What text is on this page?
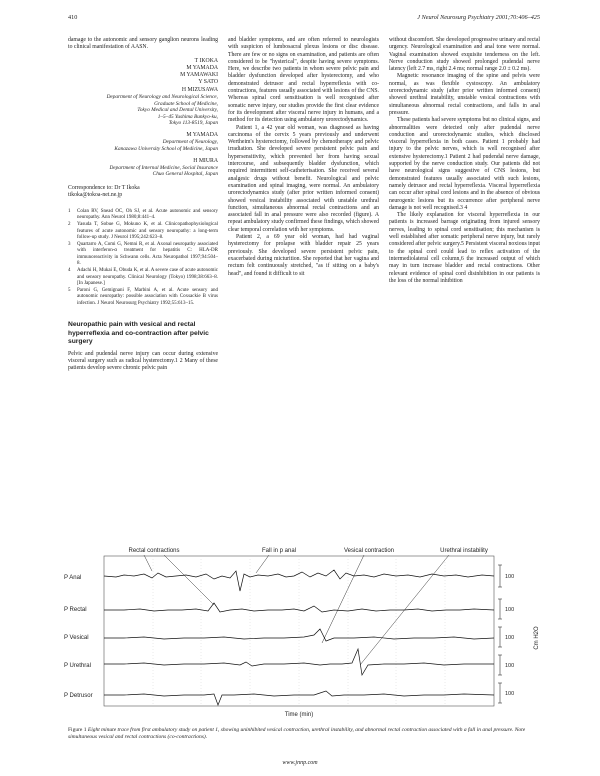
410	J Neurol Neurosurg Psychiatry 2001;70:406–425

damage to the autonomic and sensory ganglion neurons leading to clinical manifestation of AASN.

T IKOKA
M YAMADA
M YAMAWAKI
Y SATO
H MIZUSAWA
Department of Neurology and Neurological Science,
Graduate School of Medicine,
Tokyo Medical and Dental University,
1–5–45 Yushima Bunkyo-ku,
Tokyo 113-8519, Japan
M YAMADA
Department of Neurology,
Kanazawa University School of Medicine, Japan
H MIURA
Department of Internal Medicine, Social Insurance
Chuo General Hospital, Japan
Correspondence to: Dr T Ikoka
tikoka@tokoa-net.ne.jp
1	Colan RV, Snead OC, Oh SJ, et al. Acute autonomic and sensory neuropathy. Ann Neurol 1980;8:441–4.
2	Yasuda T, Sobue G, Mokuno K, et al. Clinicopathophysiological features of acute autonomic and sensory neuropathy: a long-term follow-up study. J Neurol 1995;242:623–8.
3	Quartarro A, Comi G, Nemni R, et al. Axonal neuropathy associated with interferon-α treatment for hepatitis C: HLA-DR immunoreactivity in Schwann cells. Acta Neuropathol 1997;94:504–8.
4	Adachi H, Mukai E, Obuda K, et al. A severe case of acute autonomic and sensory neuropathy. Clinical Neurology (Tokyo) 1998;38:663–8. [In Japanese.]
5	Paroni G, Gemignani F, Marbini A, et al. Acute sensory and autonomic neuropathy: possible association with Coxsackie B virus infection. J Neurol Neurosurg Psychiatry 1992;55:613–15.
Neuropathic pain with vesical and rectal hyperreflexia and co-contraction after pelvic surgery

Pelvic and pudendal nerve injury can occur during extensive visceral surgery such as radical hysterectomy.1 2 Many of these patients develop severe chronic pelvic pain

and bladder symptoms, and are often referred to neurologists with suspicion of lumbosacral plexus lesions or disc disease. There are few or no signs on examination, and patients are often considered to be "hysterical", despite having severe symptoms. Here, we describe two patients in whom severe pelvic pain and bladder dysfunction developed after hysterectomy, and who demonstrated detrusor and rectal hyperreflexia with co-contractions, features usually associated with lesions of the CNS. Whereas spinal cord sensitisation is well recognised after somatic nerve injury, our studies provide the first clear evidence for its development after visceral nerve injury in humans, and a method for its detection using ambulatory urorectodynamics.

Patient 1, a 42 year old woman, was diagnosed as having carcinoma of the cervix 5 years previously and underwent Wertheim's hysterectomy, followed by chemotherapy and pelvic irradiation. She developed severe persistent pelvic pain and hypersensitivity, which prevented her from having sexual intercourse, and subsequently bladder dysfunction, which required intermittent self-catheterisation. She received several analgesic drugs without benefit. Neurological and pelvic examination and spinal imaging, were normal. An ambulatory urorectodynamics study (after prior written informed consent) showed vesical instability associated with unstable urethral function, simultaneous abnormal rectal contractions and an associated fall in anal pressure were also recorded (figure). A repeat ambulatory study confirmed these findings, which showed clear temporal correlation with her symptoms.

Patient 2, a 69 year old woman, had had vaginal hysterectomy for prolapse with bladder repair 25 years previously. She developed severe persistent pelvic pain, exacerbated during micturition. She reported that her vagina and rectum felt continuously stretched, "as if sitting on a baby's head", and found it difficult to sit

without discomfort. She developed progressive urinary and rectal urgency. Neurological examination and anal tone were normal. Vaginal examination showed exquisite tenderness on the left. Nerve conduction study showed prolonged pudendal nerve latency (left 2.7 ms, right 2.4 ms; normal range 2.0 ± 0.2 ms).

Magnetic resonance imaging of the spine and pelvis were normal, as was flexible cystoscopy. An ambulatory urorectodynamic study (after prior written informed consent) showed urethral instability, unstable vesical contractions with simultaneous abnormal rectal contractions, and falls in anal pressure.

These patients had severe symptoms but no clinical signs, and abnormalities were detected only after pudendal nerve conduction and urorectodynamic studies, which disclosed visceral hyperreflexia in both cases. Patient 1 probably had injury to the pelvic nerves, which is well recognised after extensive hysterectomy.1 Patient 2 had pudendal nerve damage, supported by the nerve conduction study. Our patients did not have neurological signs suggestive of CNS lesions, but demonstrated features usually associated with such lesions, namely detrusor and rectal hyperreflexia. Visceral hyperreflexia can occur after spinal cord lesions and in the absence of obvious neurogenic lesions but its occurrence after peripheral nerve damage is not well recognised.3 4

The likely explanation for visceral hyperreflexia in our patients is increased barrage originating from injured sensory nerves, leading to spinal cord sensitisation; this mechanism is well established after somatic peripheral nerve injury, but rarely considered after pelvic surgery.5 Persistent visceral noxious input to the spinal cord could lead to reflex activation of the intermediolateral cell column,6 the increased output of which may in turn increase bladder and rectal contractions. Other relevant evidence of spinal cord disinhibition in our patients is the loss of the normal inhibition

Rectal contractions	Fall in p anal	Vesical contraction	Urethral instability
P Anal
P Rectal
P Vesical
P Urethral
P Detrusor
100
100
100
100
100
Cm H2O
Time (min)
Figure 1 Eight minute trace from first ambulatory study on patient 1, showing uninhibited vesical contraction, urethral instability, and abnormal rectal contraction associated with a fall in anal pressure. Note simultaneous vesical and rectal contractions (co-contractions).
www.jnnp.com
